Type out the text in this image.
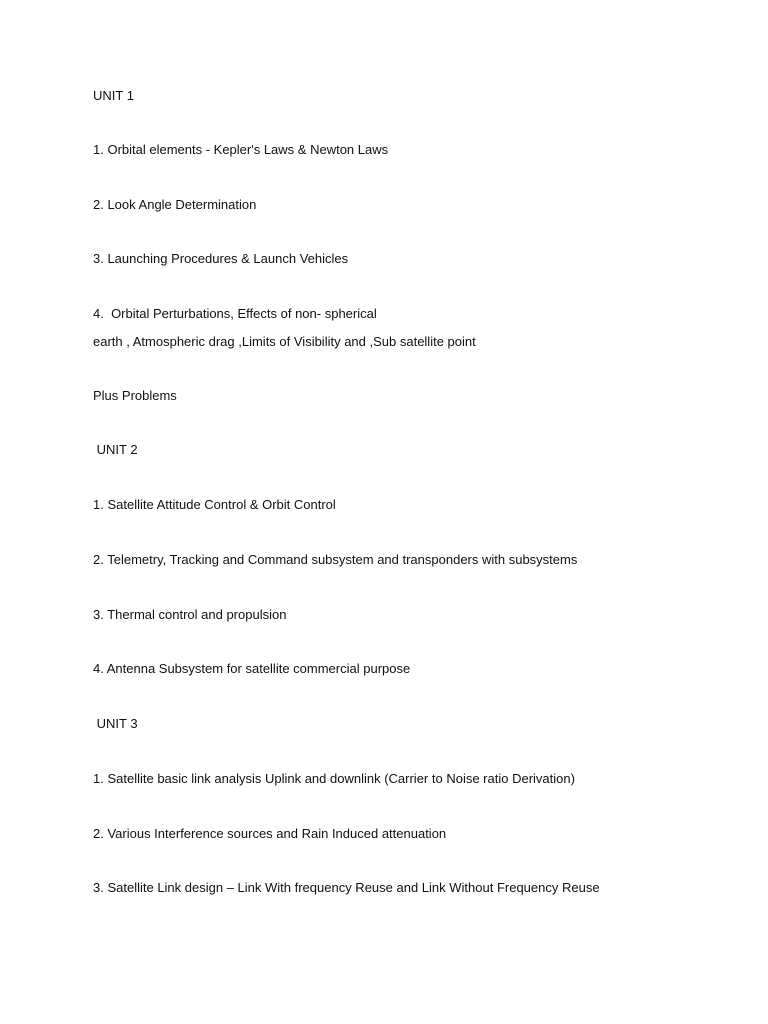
UNIT 1
1. Orbital elements - Kepler's Laws & Newton Laws
2. Look Angle Determination
3. Launching Procedures & Launch Vehicles
4.  Orbital Perturbations, Effects of non- spherical
earth , Atmospheric drag ,Limits of Visibility and ,Sub satellite point
Plus Problems
UNIT 2
1. Satellite Attitude Control & Orbit Control
2. Telemetry, Tracking and Command subsystem and transponders with subsystems
3. Thermal control and propulsion
4. Antenna Subsystem for satellite commercial purpose
UNIT 3
1. Satellite basic link analysis Uplink and downlink (Carrier to Noise ratio Derivation)
2. Various Interference sources and Rain Induced attenuation
3. Satellite Link design – Link With frequency Reuse and Link Without Frequency Reuse
